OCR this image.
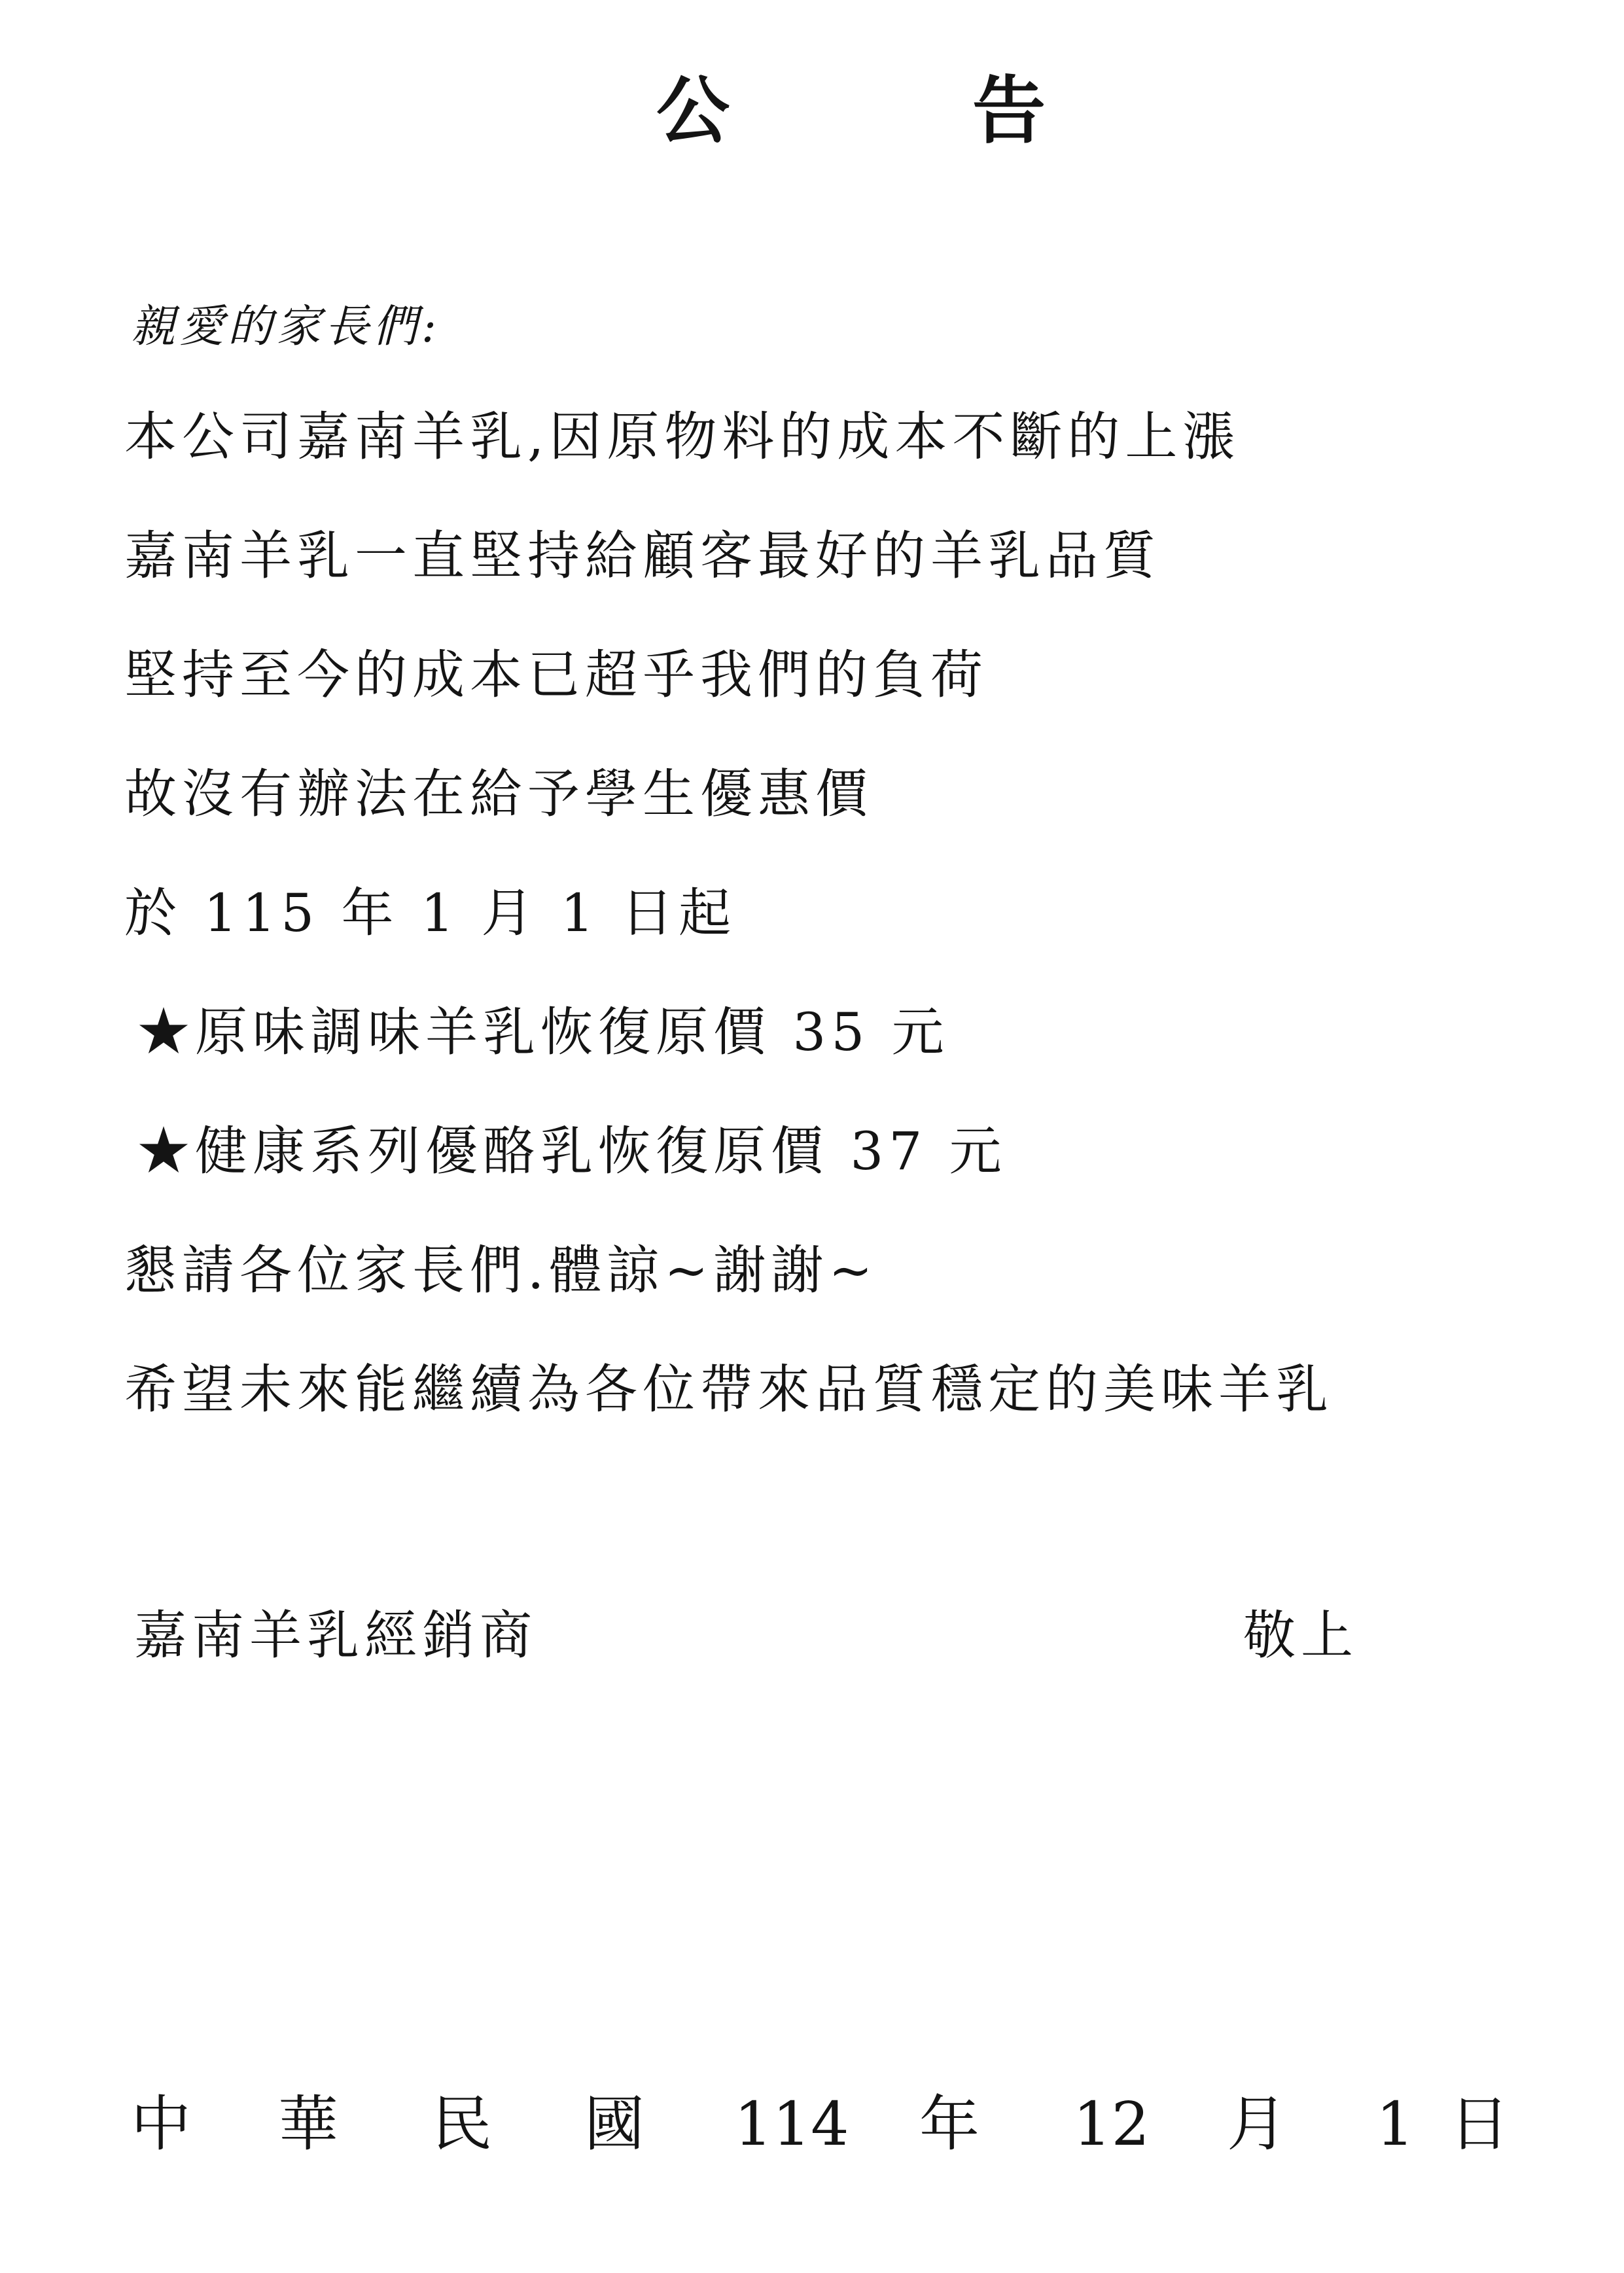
公	告
親愛的家長們:
本公司嘉南羊乳,因原物料的成本不斷的上漲
嘉南羊乳一直堅持給顧客最好的羊乳品質
堅持至今的成本已超乎我們的負荷
故沒有辦法在給予學生優惠價
於 115 年 1 月 1 日起
★原味調味羊乳恢復原價 35 元
★健康系列優酪乳恢復原價 37 元
懇請各位家長們.體諒~謝謝~
希望未來能繼續為各位帶來品質穩定的美味羊乳
嘉南羊乳經銷商	敬上
中 華 民 國 114 年 12 月 1 日
